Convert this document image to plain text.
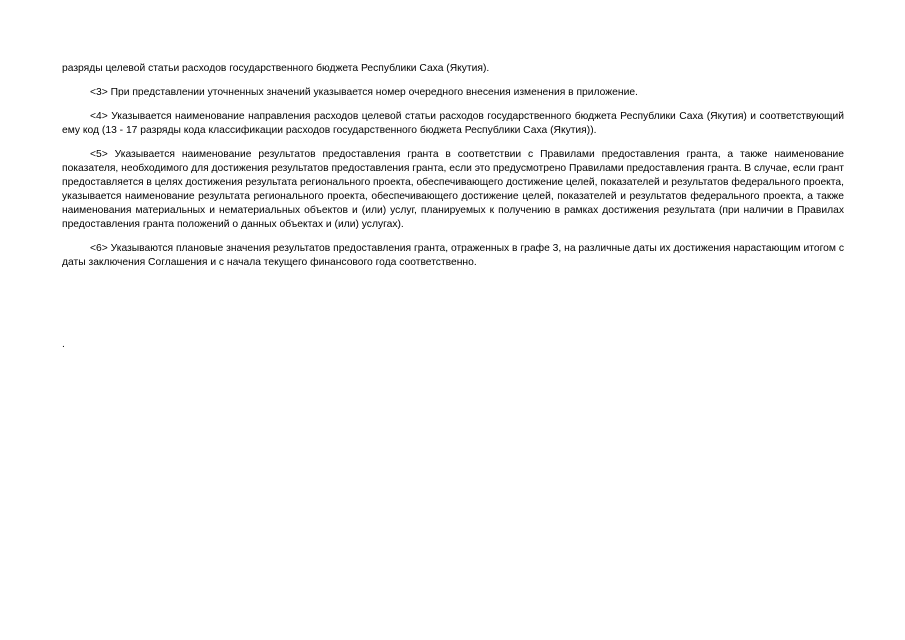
разряды целевой статьи расходов государственного бюджета Республики Саха (Якутия).

<3> При представлении уточненных значений указывается номер очередного внесения изменения в приложение.

<4> Указывается наименование направления расходов целевой статьи расходов государственного бюджета Республики Саха (Якутия) и соответствующий ему код (13 - 17 разряды кода классификации расходов государственного бюджета Республики Саха (Якутия)).

<5> Указывается наименование результатов предоставления гранта в соответствии с Правилами предоставления гранта, а также наименование показателя, необходимого для достижения результатов предоставления гранта, если это предусмотрено Правилами предоставления гранта. В случае, если грант предоставляется в целях достижения результата регионального проекта, обеспечивающего достижение целей, показателей и результатов федерального проекта, указывается наименование результата регионального проекта, обеспечивающего достижение целей, показателей и результатов федерального проекта, а также наименования материальных и нематериальных объектов и (или) услуг, планируемых к получению в рамках достижения результата (при наличии в Правилах предоставления гранта положений о данных объектах и (или) услугах).

<6> Указываются плановые значения результатов предоставления гранта, отраженных в графе 3, на различные даты их достижения нарастающим итогом с даты заключения Соглашения и с начала текущего финансового года соответственно.

.
